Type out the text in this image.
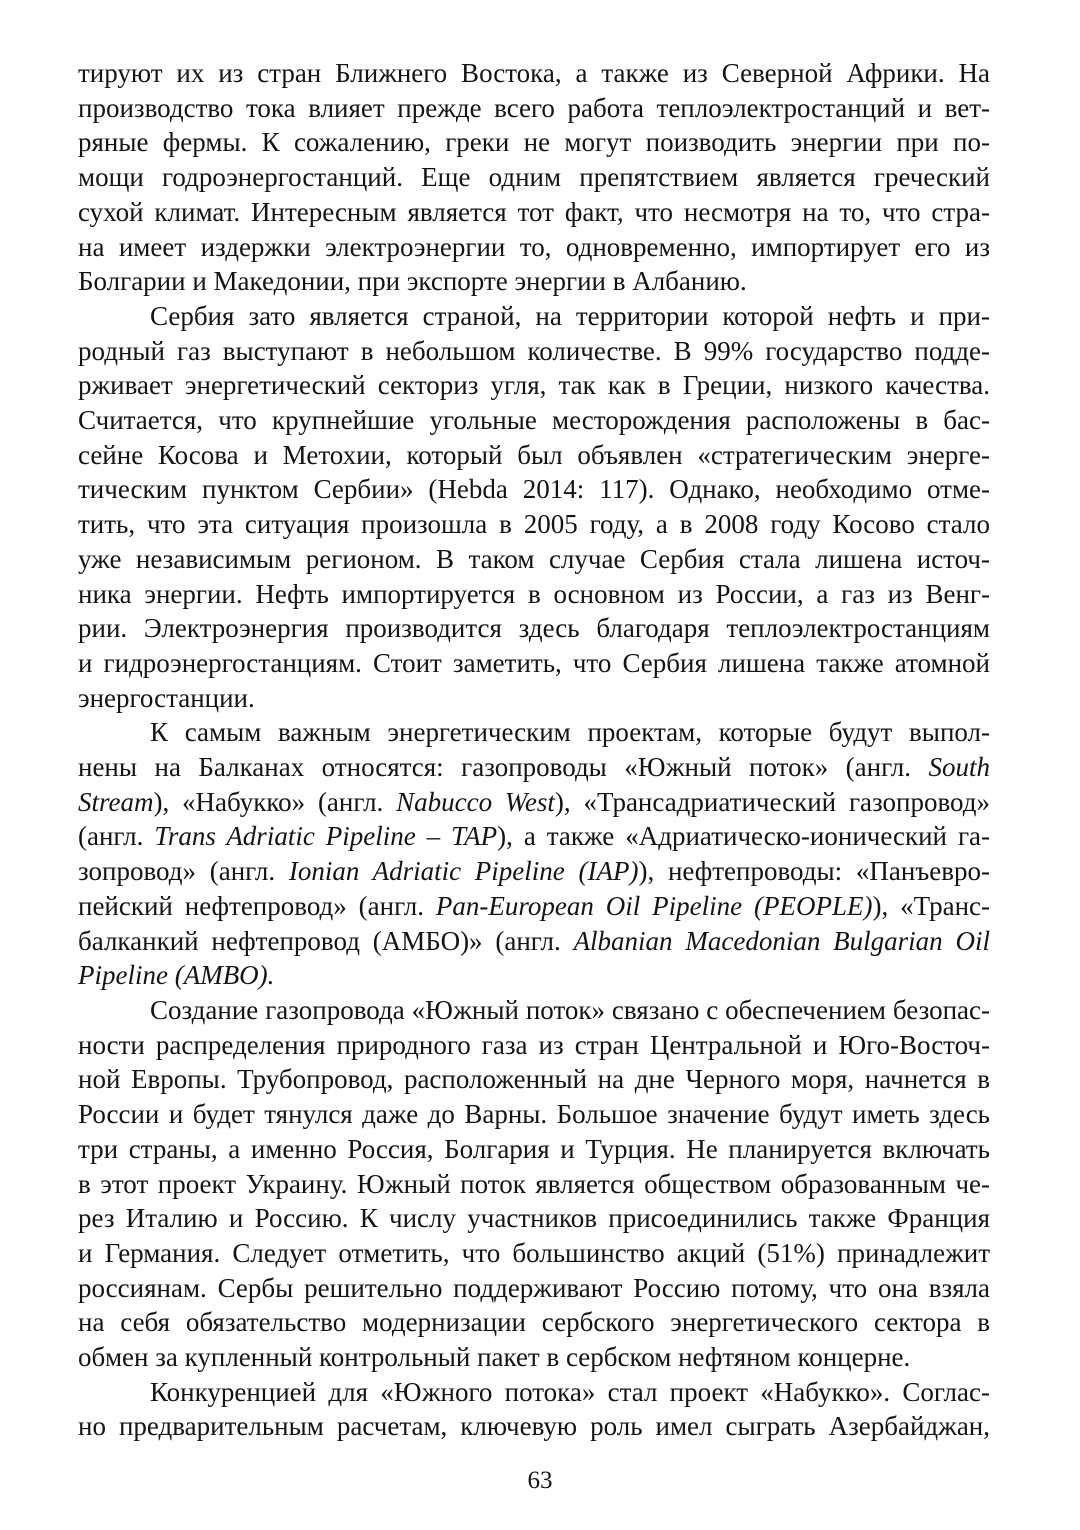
тируют их из стран Ближнего Востока, а также из Северной Африки. На
производство тока влияет прежде всего работа теплоэлектростанций и вет-
ряные фермы. К сожалению, греки не могут поизводить энергии при по-
мощи годроэнергостанций. Еще одним препятствием является греческий
сухой климат. Интересным является тот факт, что несмотря на то, что стра-
на имеет издержки электроэнергии то, одновременно, импортирует его из
Болгарии и Македонии, при экспорте энергии в Албанию.
Сербия зато является страной, на территории которой нефть и при-
родный газ выступают в небольшом количестве. В 99% государство подде-
рживает энергетический секториз угля, так как в Греции, низкого качества.
Считается, что крупнейшие угольные месторождения расположены в бас-
сейне Косова и Метохии, который был объявлен «стратегическим энерге-
тическим пунктом Сербии» (Hebda 2014: 117). Однако, необходимо отме-
тить, что эта ситуация произошла в 2005 году, а в 2008 году Косово стало
уже независимым регионом. В таком случае Сербия стала лишена источ-
ника энергии. Нефть импортируется в основном из России, а газ из Венг-
рии. Электроэнергия производится здесь благодаря теплоэлектростанциям
и гидроэнергостанциям. Стоит заметить, что Сербия лишена также атомной
энергостанции.
К самым важным энергетическим проектам, которые будут выпол-
нены на Балканах относятся: газопроводы «Южный поток» (англ. South
Stream), «Набукко» (англ. Nabucco West), «Трансадриатический газопровод»
(англ. Trans Adriatic Pipeline – TAP), а также «Адриатическо-ионический га-
зопровод» (англ. Ionian Adriatic Pipeline (IAP)), нефтепроводы: «Панъевро-
пейский нефтепровод» (англ. Pan-European Oil Pipeline (PEOPLE)), «Транс-
балканкий нефтепровод (АМБО)» (англ. Albanian Macedonian Bulgarian Oil
Pipeline (AMBO).
Создание газопровода «Южный поток» связано с обеспечением безопас-
ности распределения природного газа из стран Центральной и Юго-Восточ-
ной Европы. Трубопровод, расположенный на дне Черного моря, начнется в
России и будет тянулся даже до Варны. Большое значение будут иметь здесь
три страны, а именно Россия, Болгария и Турция. Не планируется включать
в этот проект Украину. Южный поток является обществом образованным че-
рез Италию и Россию. К числу участников присоединились также Франция
и Германия. Следует отметить, что большинство акций (51%) принадлежит
россиянам. Сербы решительно поддерживают Россию потому, что она взяла
на себя обязательство модернизации сербского энергетического сектора в
обмен за купленный контрольный пакет в сербском нефтяном концерне.
Конкуренцией для «Южного потока» стал проект «Набукко». Соглас-
но предварительным расчетам, ключевую роль имел сыграть Азербайджан,
63
